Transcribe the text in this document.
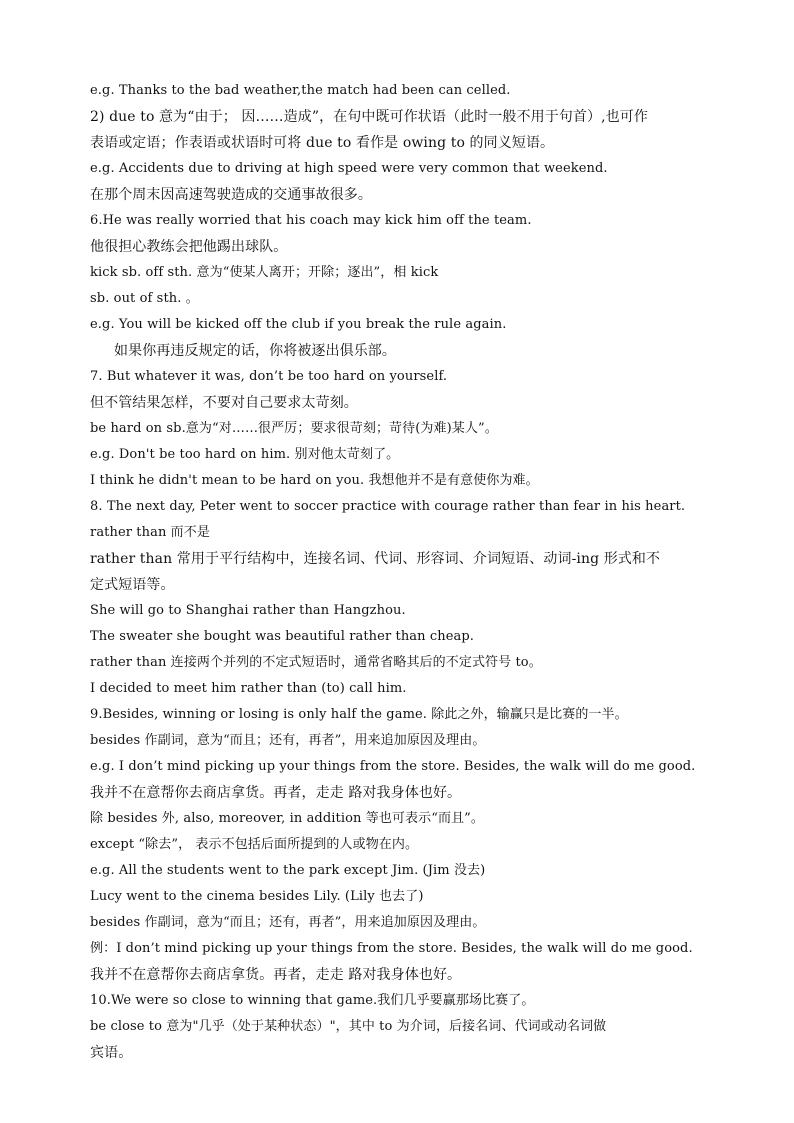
e.g. Thanks to the bad weather,the match had been can celled.

2) due to 意为“由于； 因……造成”，在句中既可作状语（此时一般不用于句首）,也可作

表语或定语；作表语或状语时可将 due to 看作是 owing to 的同义短语。

e.g. Accidents due to driving at high speed were very common that weekend.

在那个周末因高速驾驶造成的交通事故很多。

6.He was really worried that his coach may kick him off the team.

他很担心教练会把他踢出球队。

kick sb. off sth. 意为“使某人离开；开除；逐出”，相 kick

sb. out of sth. 。

e.g. You will be kicked off the club if you break the rule again.

如果你再违反规定的话，你将被逐出俱乐部。

7. But whatever it was, don’t be too hard on yourself.

但不管结果怎样，不要对自己要求太苛刻。

be hard on sb.意为“对……很严厉；要求很苛刻；苛待(为难)某人”。

e.g. Don't be too hard on him. 别对他太苛刻了。

I think he didn't mean to be hard on you. 我想他并不是有意使你为难。

8. The next day, Peter went to soccer practice with courage rather than fear in his heart.

rather than 而不是

rather than 常用于平行结构中，连接名词、代词、形容词、介词短语、动词-ing 形式和不

定式短语等。

She will go to Shanghai rather than Hangzhou.

The sweater she bought was beautiful rather than cheap.

rather than 连接两个并列的不定式短语时，通常省略其后的不定式符号 to。

I decided to meet him rather than (to) call him.

9.Besides, winning or losing is only half the game. 除此之外，输赢只是比赛的一半。

besides 作副词，意为“而且；还有，再者”，用来追加原因及理由。

e.g. I don’t mind picking up your things from the store. Besides, the walk will do me good.

我并不在意帮你去商店拿货。再者，走走 路对我身体也好。

除 besides 外, also, moreover, in addition 等也可表示“而且”。

except “除去”， 表示不包括后面所提到的人或物在内。

e.g. All the students went to the park except Jim. (Jim 没去)

Lucy went to the cinema besides Lily. (Lily 也去了)

besides 作副词，意为“而且；还有，再者”，用来追加原因及理由。

例：I don’t mind picking up your things from the store. Besides, the walk will do me good.

我并不在意帮你去商店拿货。再者，走走 路对我身体也好。

10.We were so close to winning that game.我们几乎要赢那场比赛了。

be close to 意为"几乎（处于某种状态）"，其中 to 为介词，后接名词、代词或动名词做

宾语。
